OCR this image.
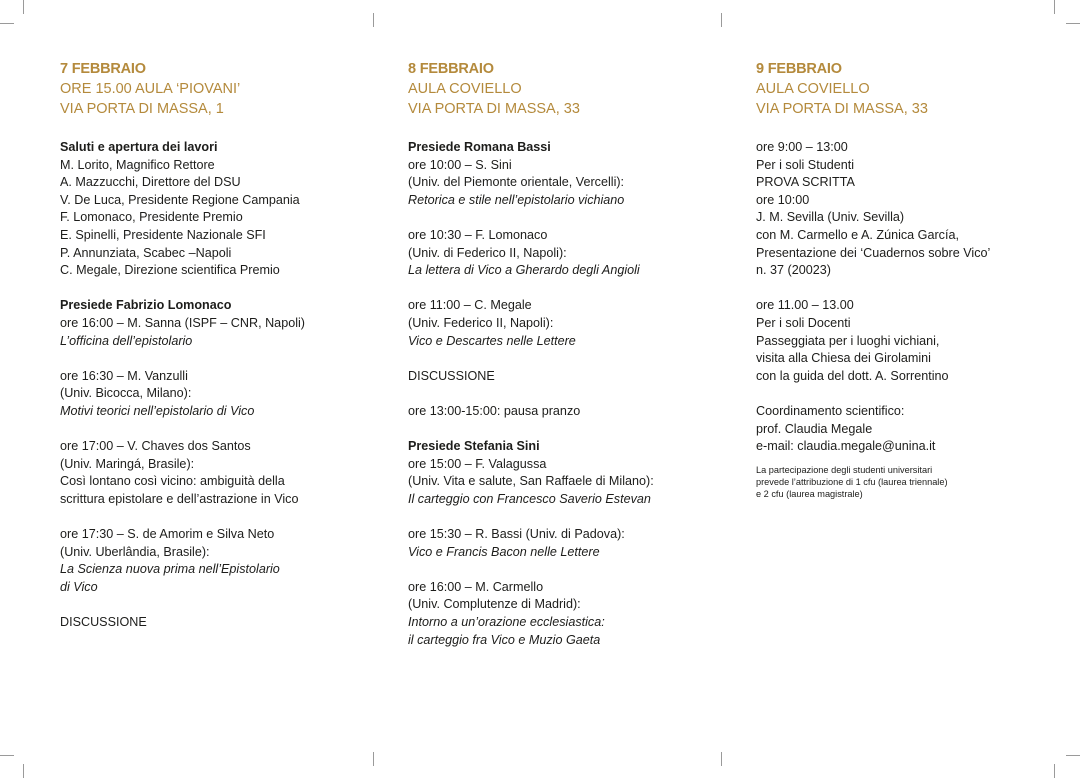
7 FEBBRAIO
ORE 15.00 AULA ‘PIOVANI’
VIA PORTA DI MASSA, 1
Saluti e apertura dei lavori
M. Lorito, Magnifico Rettore
A. Mazzucchi, Direttore del DSU
V. De Luca, Presidente Regione Campania
F. Lomonaco, Presidente Premio
E. Spinelli, Presidente Nazionale SFI
P. Annunziata, Scabec –Napoli
C. Megale, Direzione scientifica Premio
Presiede Fabrizio Lomonaco
ore 16:00 – M. Sanna (ISPF – CNR, Napoli)
L’officina dell’epistolario
ore 16:30 – M. Vanzulli
(Univ. Bicocca, Milano):
Motivi teorici nell’epistolario di Vico
ore 17:00 – V. Chaves dos Santos
(Univ. Maringá, Brasile):
Così lontano così vicino: ambiguità della
scrittura epistolare e dell’astrazione in Vico
ore 17:30 – S. de Amorim e Silva Neto
(Univ. Uberlândia, Brasile):
La Scienza nuova prima nell’Epistolario
di Vico
DISCUSSIONE
8 FEBBRAIO
AULA COVIELLO
VIA PORTA DI MASSA, 33
Presiede Romana Bassi
ore 10:00 – S. Sini
(Univ. del Piemonte orientale, Vercelli):
Retorica e stile nell’epistolario vichiano
ore 10:30 – F. Lomonaco
(Univ. di Federico II, Napoli):
La lettera di Vico a Gherardo degli Angioli
ore 11:00 – C. Megale
(Univ. Federico II, Napoli):
Vico e Descartes nelle Lettere
DISCUSSIONE
ore 13:00-15:00: pausa pranzo
Presiede Stefania Sini
ore 15:00 – F. Valagussa
(Univ. Vita e salute, San Raffaele di Milano):
Il carteggio con Francesco Saverio Estevan
ore 15:30 – R. Bassi (Univ. di Padova):
Vico e Francis Bacon nelle Lettere
ore 16:00 – M. Carmello
(Univ. Complutenze di Madrid):
Intorno a un’orazione ecclesiastica:
il carteggio fra Vico e Muzio Gaeta
9 FEBBRAIO
AULA COVIELLO
VIA PORTA DI MASSA, 33
ore 9:00 – 13:00
Per i soli Studenti
PROVA SCRITTA
ore 10:00
J. M. Sevilla (Univ. Sevilla)
con M. Carmello e A. Zúnica García,
Presentazione dei ‘Cuadernos sobre Vico’
n. 37 (20023)
ore 11.00 – 13.00
Per i soli Docenti
Passeggiata per i luoghi vichiani,
visita alla Chiesa dei Girolamini
con la guida del dott. A. Sorrentino
Coordinamento scientifico:
prof. Claudia Megale
e-mail: claudia.megale@unina.it
La partecipazione degli studenti universitari
prevede l’attribuzione di 1 cfu (laurea triennale)
e 2 cfu (laurea magistrale)
